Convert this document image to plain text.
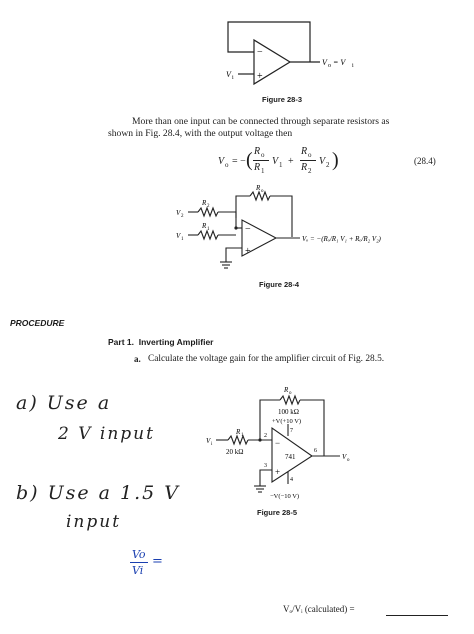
−
+
V i
V o = V i
Figure 28-3
More than one input can be connected through separate resistors as
shown in Fig. 28.4, with the output voltage then
V o = − ( R o
R 1
V 1 +
R o
R 2
V 2 )	(28.4)
−
+
R o
R 2
R 1
V 2
V 1	Vₒ = −(Rₒ/R₁ V₁ + Rₒ/R₂ V₂)
Figure 28-4
PROCEDURE
Part 1.  Inverting Amplifier
a. Calculate the voltage gain for the amplifier circuit of Fig. 28.5.
a) Use a
2 V input
b) Use a 1.5 V
input
Vo
Vi
=
−
+
R o
100 kΩ
+V(+10 V)
R 1
20 kΩ
V i
V o
741
2
3
7
4
6
−V(−10 V)
Figure 28-5
Vₒ/Vᵢ (calculated) =
